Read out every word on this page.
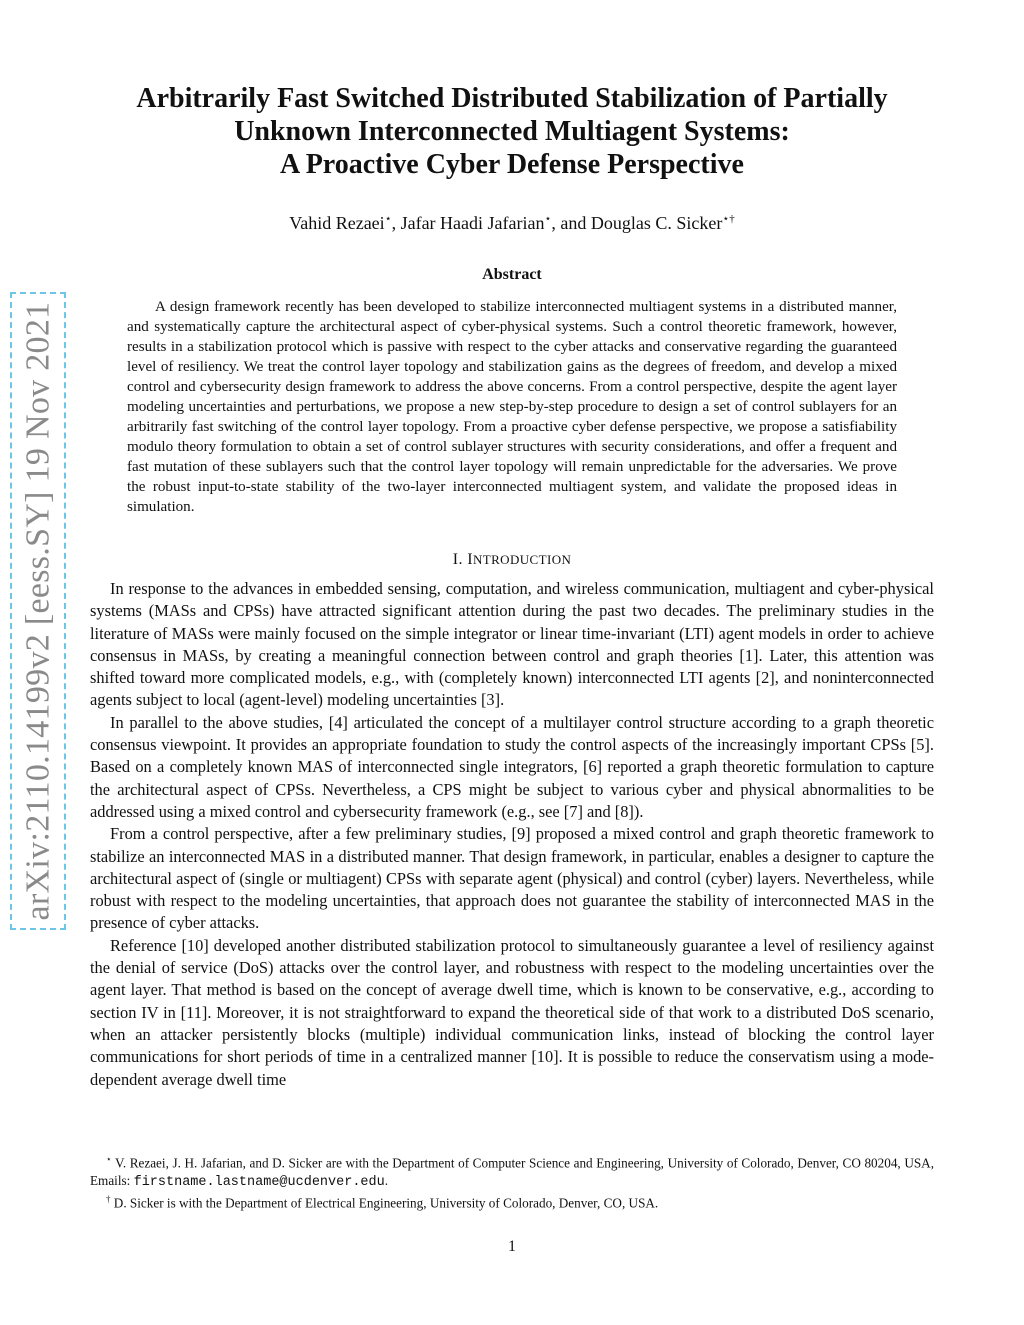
arXiv:2110.14199v2 [eess.SY] 19 Nov 2021
Arbitrarily Fast Switched Distributed Stabilization of Partially
Unknown Interconnected Multiagent Systems:
A Proactive Cyber Defense Perspective
Vahid Rezaei⋆, Jafar Haadi Jafarian⋆, and Douglas C. Sicker⋆†
Abstract

A design framework recently has been developed to stabilize interconnected multiagent systems in a distributed manner, and systematically capture the architectural aspect of cyber-physical systems. Such a control theoretic framework, however, results in a stabilization protocol which is passive with respect to the cyber attacks and conservative regarding the guaranteed level of resiliency. We treat the control layer topology and stabilization gains as the degrees of freedom, and develop a mixed control and cybersecurity design framework to address the above concerns. From a control perspective, despite the agent layer modeling uncertainties and perturbations, we propose a new step-by-step procedure to design a set of control sublayers for an arbitrarily fast switching of the control layer topology. From a proactive cyber defense perspective, we propose a satisfiability modulo theory formulation to obtain a set of control sublayer structures with security considerations, and offer a frequent and fast mutation of these sublayers such that the control layer topology will remain unpredictable for the adversaries. We prove the robust input-to-state stability of the two-layer interconnected multiagent system, and validate the proposed ideas in simulation.

I. INTRODUCTION

In response to the advances in embedded sensing, computation, and wireless communication, multiagent and cyber-physical systems (MASs and CPSs) have attracted significant attention during the past two decades. The preliminary studies in the literature of MASs were mainly focused on the simple integrator or linear time-invariant (LTI) agent models in order to achieve consensus in MASs, by creating a meaningful connection between control and graph theories [1]. Later, this attention was shifted toward more complicated models, e.g., with (completely known) interconnected LTI agents [2], and noninterconnected agents subject to local (agent-level) modeling uncertainties [3].

In parallel to the above studies, [4] articulated the concept of a multilayer control structure according to a graph theoretic consensus viewpoint. It provides an appropriate foundation to study the control aspects of the increasingly important CPSs [5]. Based on a completely known MAS of interconnected single integrators, [6] reported a graph theoretic formulation to capture the architectural aspect of CPSs. Nevertheless, a CPS might be subject to various cyber and physical abnormalities to be addressed using a mixed control and cybersecurity framework (e.g., see [7] and [8]).

From a control perspective, after a few preliminary studies, [9] proposed a mixed control and graph theoretic framework to stabilize an interconnected MAS in a distributed manner. That design framework, in particular, enables a designer to capture the architectural aspect of (single or multiagent) CPSs with separate agent (physical) and control (cyber) layers. Nevertheless, while robust with respect to the modeling uncertainties, that approach does not guarantee the stability of interconnected MAS in the presence of cyber attacks.

Reference [10] developed another distributed stabilization protocol to simultaneously guarantee a level of resiliency against the denial of service (DoS) attacks over the control layer, and robustness with respect to the modeling uncertainties over the agent layer. That method is based on the concept of average dwell time, which is known to be conservative, e.g., according to section IV in [11]. Moreover, it is not straightforward to expand the theoretical side of that work to a distributed DoS scenario, when an attacker persistently blocks (multiple) individual communication links, instead of blocking the control layer communications for short periods of time in a centralized manner [10]. It is possible to reduce the conservatism using a mode-dependent average dwell time

⋆ V. Rezaei, J. H. Jafarian, and D. Sicker are with the Department of Computer Science and Engineering, University of Colorado, Denver, CO 80204, USA, Emails: firstname.lastname@ucdenver.edu.

† D. Sicker is with the Department of Electrical Engineering, University of Colorado, Denver, CO, USA.

1
